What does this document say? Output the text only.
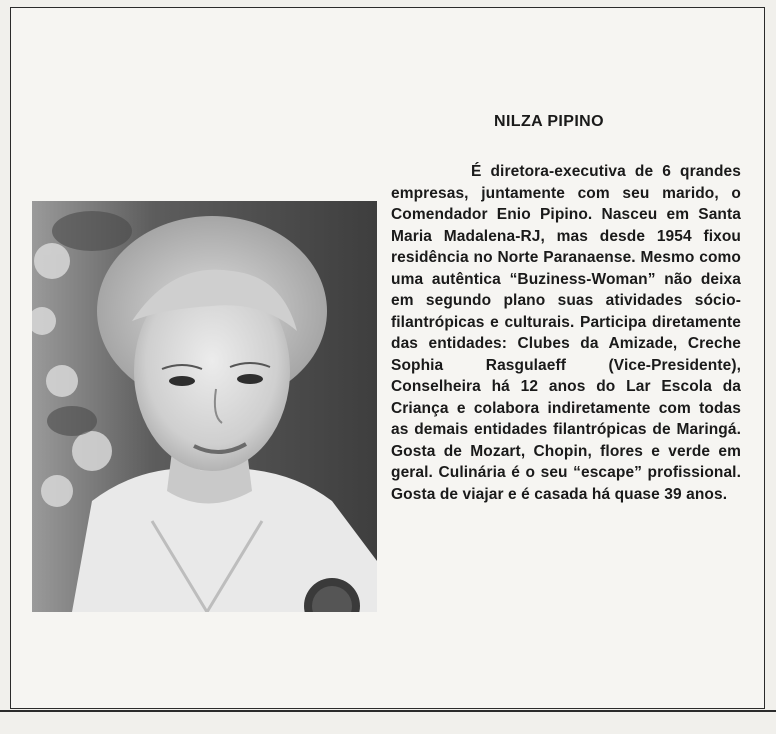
NILZA PIPINO

É diretora-executiva de 6 qrandes empresas, juntamente com seu marido, o Comendador Enio Pipino. Nasceu em Santa Maria Madalena-RJ, mas desde 1954 fixou residência no Norte Paranaense. Mesmo como uma autêntica “Buziness-Woman” não deixa em segundo plano suas atividades sócio-filantrópicas e culturais. Participa diretamente das entidades: Clubes da Amizade, Creche Sophia Rasgulaeff (Vice-Presidente), Conselheira há 12 anos do Lar Escola da Criança e colabora indiretamente com todas as demais entidades filantrópicas de Maringá. Gosta de Mozart, Chopin, flores e verde em geral. Culinária é o seu “escape” profissional. Gosta de viajar e é casada há quase 39 anos.
